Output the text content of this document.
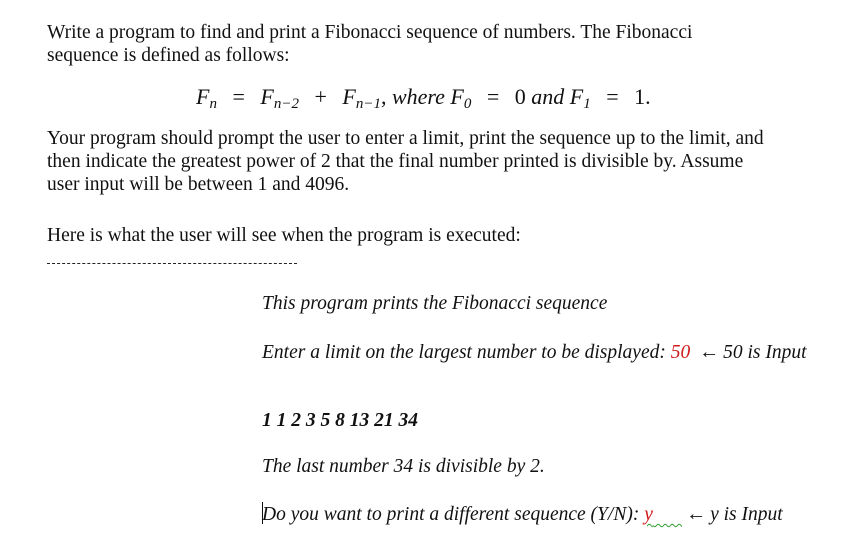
Write a program to find and print a Fibonacci sequence of numbers. The Fibonacci sequence is defined as follows:

$F_n = F_{n-2} + F_{n-1}$, where $F_0 = 0$ and $F_1 = 1$.

Your program should prompt the user to enter a limit, print the sequence up to the limit, and then indicate the greatest power of 2 that the final number printed is divisible by. Assume user input will be between 1 and 4096.

Here is what the user will see when the program is executed:

This program prints the Fibonacci sequence

Enter a limit on the largest number to be displayed: 50 ← 50 is Input

1 1 2 3 5 8 13 21 34

The last number 34 is divisible by 2.

Do you want to print a different sequence (Y/N): y   ← y is Input
